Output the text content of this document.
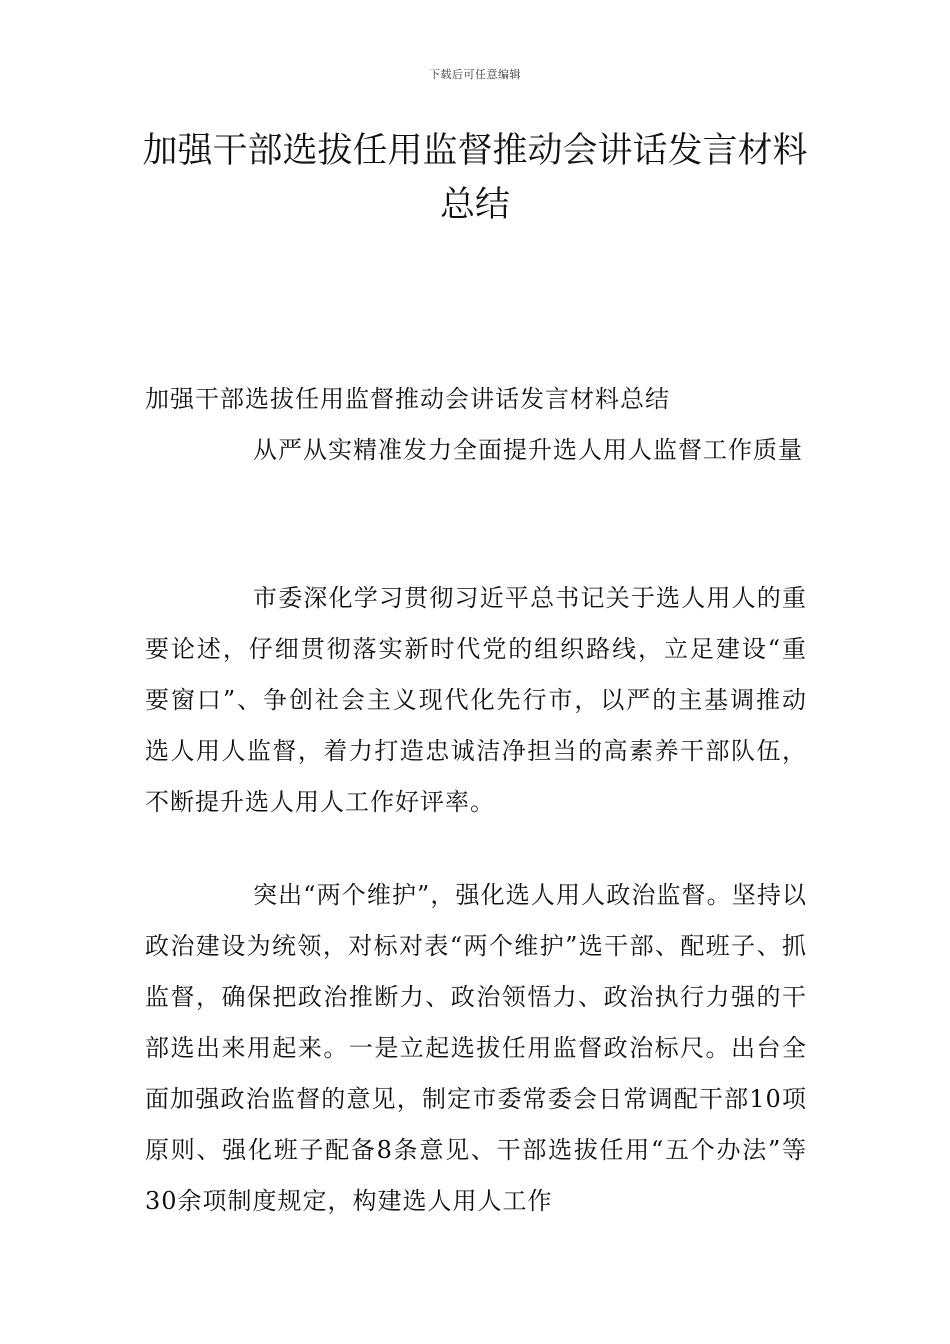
下载后可任意编辑
加强干部选拔任用监督推动会讲话发言材料总结

加强干部选拔任用监督推动会讲话发言材料总结

从严从实精准发力全面提升选人用人监督工作质量

市委深化学习贯彻习近平总书记关于选人用人的重要论述，仔细贯彻落实新时代党的组织路线，立足建设“重要窗口”、争创社会主义现代化先行市，以严的主基调推动选人用人监督，着力打造忠诚洁净担当的高素养干部队伍，不断提升选人用人工作好评率。

突出“两个维护”，强化选人用人政治监督。坚持以政治建设为统领，对标对表“两个维护”选干部、配班子、抓监督，确保把政治推断力、政治领悟力、政治执行力强的干部选出来用起来。一是立起选拔任用监督政治标尺。出台全面加强政治监督的意见，制定市委常委会日常调配干部10项原则、强化班子配备8条意见、干部选拔任用“五个办法”等30余项制度规定，构建选人用人工作
